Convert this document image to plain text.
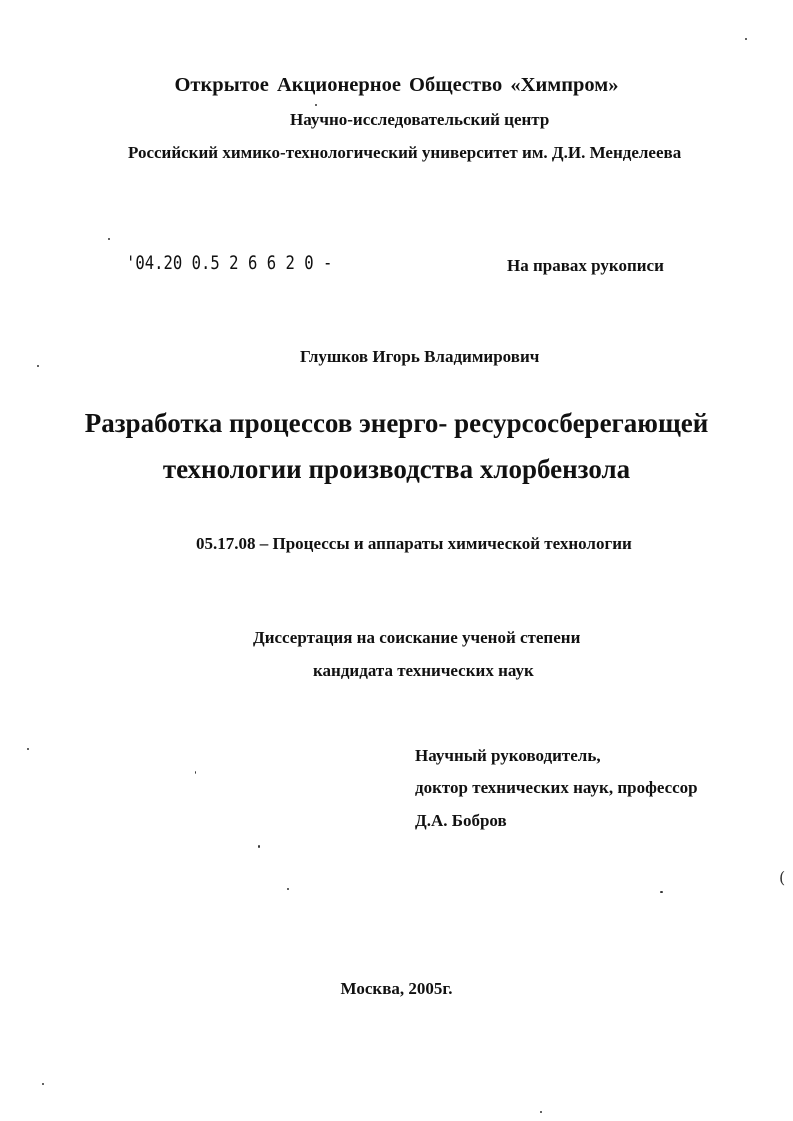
Открытое Акционерное Общество «Химпром»
Научно-исследовательский центр
Российский химико-технологический университет им. Д.И. Менделеева
'04.20 0.5 2 6 6 2 0 -	На правах рукописи
Глушков Игорь Владимирович
Разработка процессов энерго- ресурсосберегающей
технологии производства хлорбензола
05.17.08 – Процессы и аппараты химической технологии
Диссертация на соискание ученой степени
кандидата технических наук
Научный руководитель,
доктор технических наук, профессор
Д.А. Бобров
Москва, 2005г.
(
